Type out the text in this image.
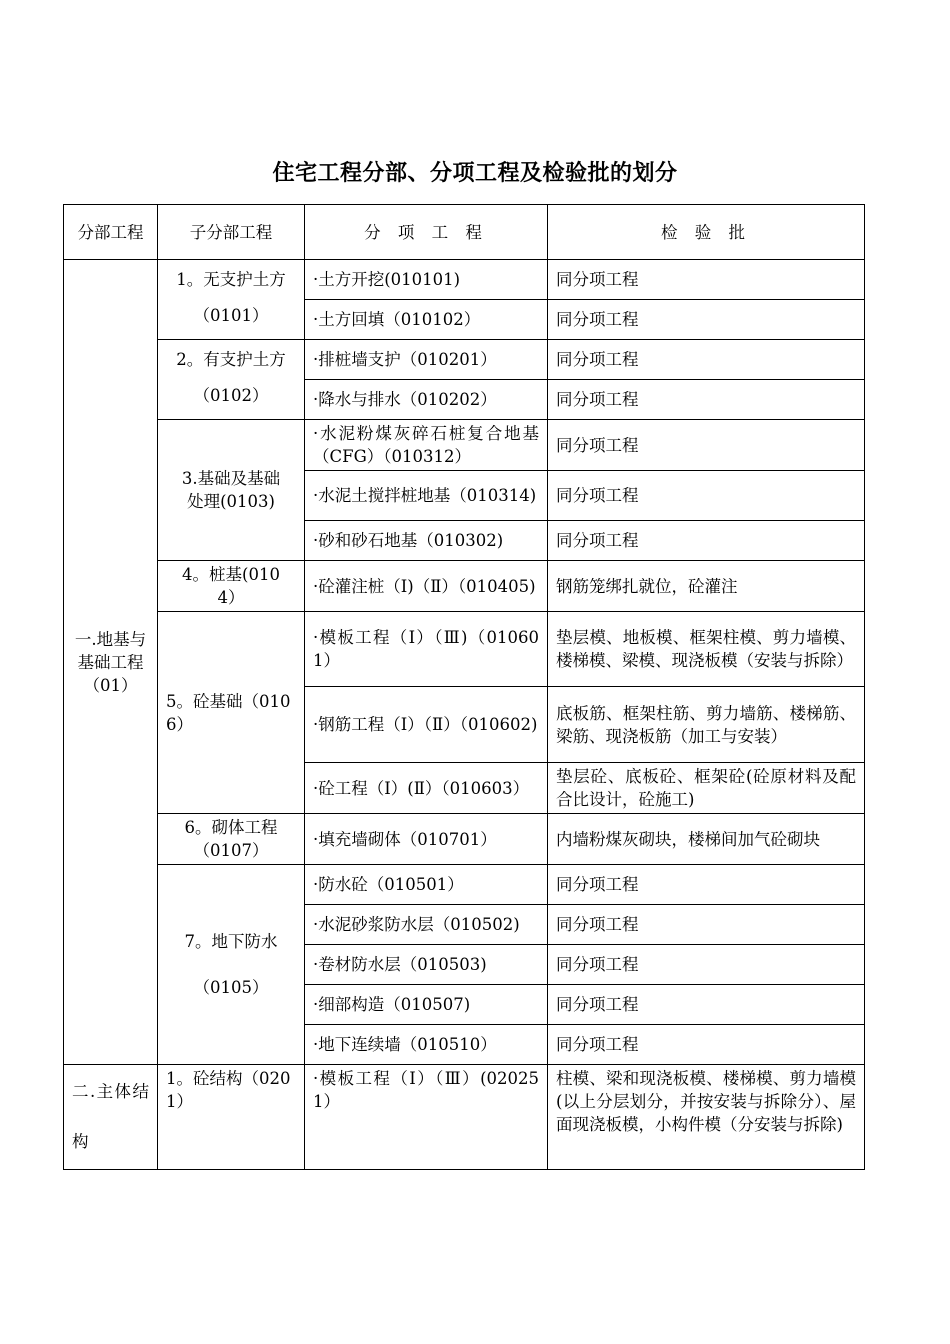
住宅工程分部、分项工程及检验批的划分
分部工程	子分部工程	分 项 工 程	检 验 批
一.地基与基础工程（01）	1。无支护土方（0101）	·土方开挖(010101)	同分项工程
		·土方回填（010102）	同分项工程
	2。有支护土方（0102）	·排桩墙支护（010201）	同分项工程
		·降水与排水（010202）	同分项工程
	3.基础及基础处理(0103)	·水泥粉煤灰碎石桩复合地基（CFG）（010312）	同分项工程
		·水泥土搅拌桩地基（010314)	同分项工程
		·砂和砂石地基（010302)	同分项工程
	4。桩基(0104）	·砼灌注桩（Ⅰ)（Ⅱ）（010405)	钢筋笼绑扎就位，砼灌注
	5。砼基础（0106）	·模板工程（Ⅰ）（Ⅲ)（010601）	垫层模、地板模、框架柱模、剪力墙模、楼梯模、梁模、现浇板模（安装与拆除）
		·钢筋工程（Ⅰ）（Ⅱ）（010602)	底板筋、框架柱筋、剪力墙筋、楼梯筋、梁筋、现浇板筋（加工与安装）
		·砼工程（Ⅰ）(Ⅱ）（010603）	垫层砼、底板砼、框架砼(砼原材料及配合比设计，砼施工)
	6。砌体工程（0107）	·填充墙砌体（010701）	内墙粉煤灰砌块，楼梯间加气砼砌块
	7。地下防水（0105）	·防水砼（010501）	同分项工程
		·水泥砂浆防水层（010502)	同分项工程
		·卷材防水层（010503)	同分项工程
		·细部构造（010507)	同分项工程
		·地下连续墙（010510）	同分项工程
二.主体结构	1。砼结构（0201）	·模板工程（Ⅰ）（Ⅲ）(020251）	柱模、梁和现浇板模、楼梯模、剪力墙模(以上分层划分，并按安装与拆除分）、屋面现浇板模，小构件模（分安装与拆除)
